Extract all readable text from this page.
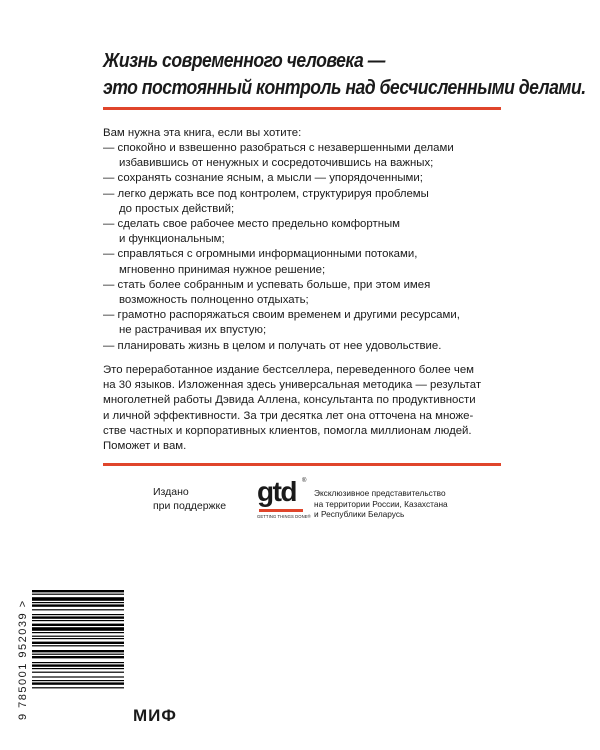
Жизнь современного человека —
это постоянный контроль над бесчисленными делами.
Вам нужна эта книга, если вы хотите:
— спокойно и взвешенно разобраться с незавершенными делами
избавившись от ненужных и сосредоточившись на важных;
— сохранять сознание ясным, а мысли — упорядоченными;
— легко держать все под контролем, структурируя проблемы
до простых действий;
— сделать свое рабочее место предельно комфортным
и функциональным;
— справляться с огромными информационными потоками,
мгновенно принимая нужное решение;
— стать более собранным и успевать больше, при этом имея
возможность полноценно отдыхать;
— грамотно распоряжаться своим временем и другими ресурсами,
не растрачивая их впустую;
— планировать жизнь в целом и получать от нее удовольствие.
Это переработанное издание бестселлера, переведенного более чем
на 30 языков. Изложенная здесь универсальная методика — результат
многолетней работы Дэвида Аллена, консультанта по продуктивности
и личной эффективности. За три десятка лет она отточена на множе-
стве частных и корпоративных клиентов, помогла миллионам людей.
Поможет и вам.
Издано
при поддержке gtd ®
GETTING THINGS DONE®
Эксклюзивное представительство
на территории России, Казахстана
и Республики Беларусь
9 785001 952039 >	МИФ
